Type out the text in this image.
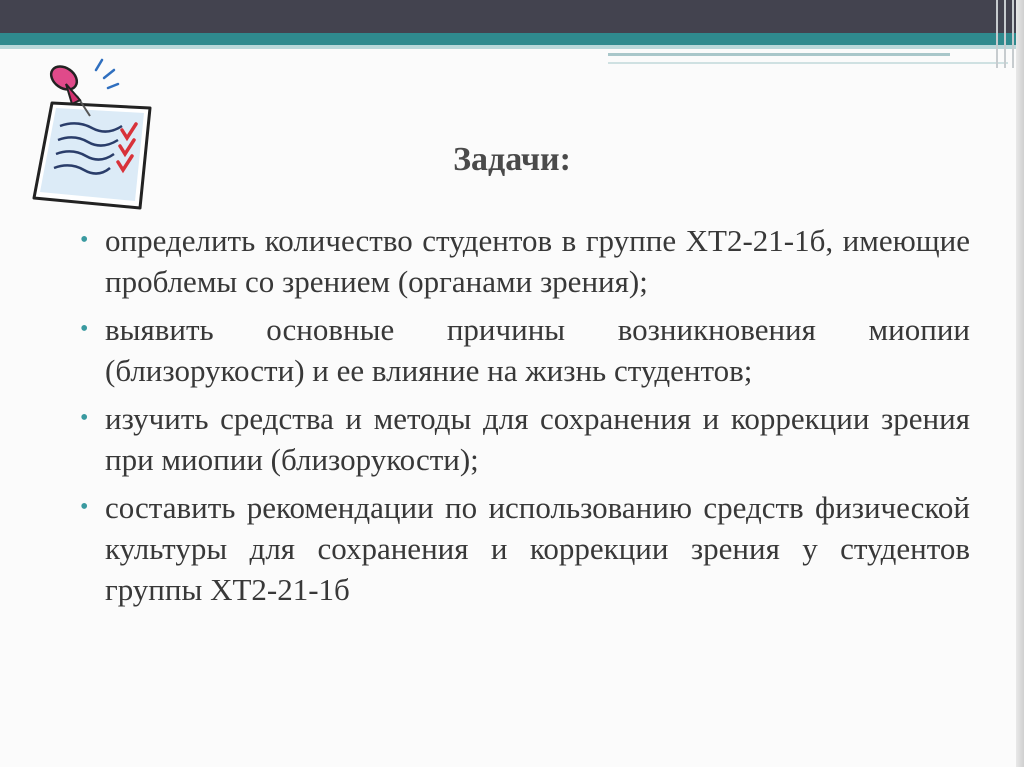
Задачи:
• определить количество студентов в группе ХТ2-21-1б, имеющие проблемы со зрением (органами зрения);
• выявить основные причины возникновения миопии (близорукости) и ее влияние на жизнь студентов;
• изучить средства и методы для сохранения и коррекции зрения при миопии (близорукости);
• составить рекомендации по использованию средств физической культуры для сохранения и коррекции зрения у студентов группы ХТ2-21-1б
